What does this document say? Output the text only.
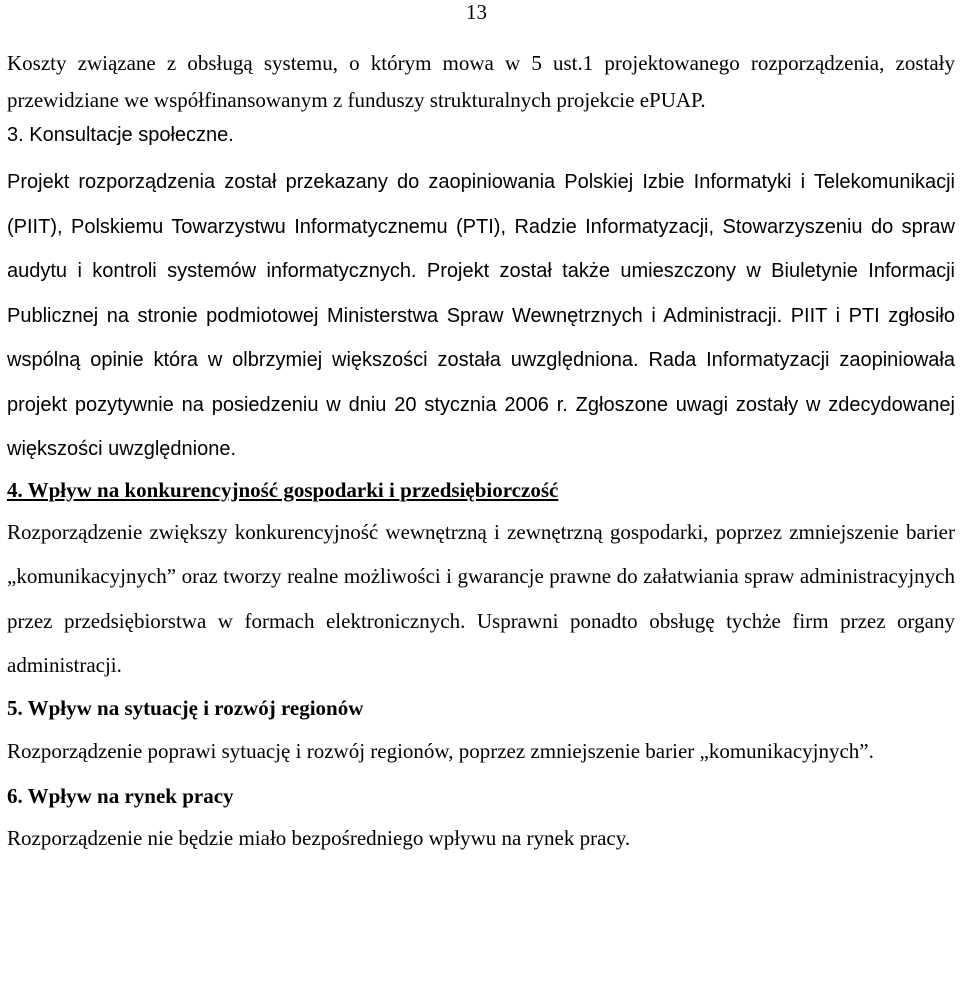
13

Koszty związane z obsługą systemu, o którym mowa w 5 ust.1 projektowanego rozporządzenia, zostały przewidziane we współfinansowanym z funduszy strukturalnych projekcie ePUAP.

3. Konsultacje społeczne.

Projekt rozporządzenia został przekazany do zaopiniowania Polskiej Izbie Informatyki i Telekomunikacji (PIIT), Polskiemu Towarzystwu Informatycznemu (PTI), Radzie Informatyzacji, Stowarzyszeniu do spraw audytu i kontroli systemów informatycznych. Projekt został także umieszczony w Biuletynie Informacji Publicznej na stronie podmiotowej Ministerstwa Spraw Wewnętrznych i Administracji. PIIT i PTI zgłosiło wspólną opinie która w olbrzymiej większości została uwzględniona. Rada Informatyzacji zaopiniowała projekt pozytywnie na posiedzeniu w dniu 20 stycznia 2006 r. Zgłoszone uwagi zostały w zdecydowanej większości uwzględnione.

4. Wpływ na konkurencyjność gospodarki i przedsiębiorczość

Rozporządzenie zwiększy konkurencyjność wewnętrzną i zewnętrzną gospodarki, poprzez zmniejszenie barier „komunikacyjnych” oraz tworzy realne możliwości i gwarancje prawne do załatwiania spraw administracyjnych przez przedsiębiorstwa w formach elektronicznych. Usprawni ponadto obsługę tychże firm przez organy administracji.

5. Wpływ na sytuację i rozwój regionów

Rozporządzenie poprawi sytuację i rozwój regionów, poprzez zmniejszenie barier „komunikacyjnych”.

6. Wpływ na rynek pracy

Rozporządzenie nie będzie miało bezpośredniego wpływu na rynek pracy.
